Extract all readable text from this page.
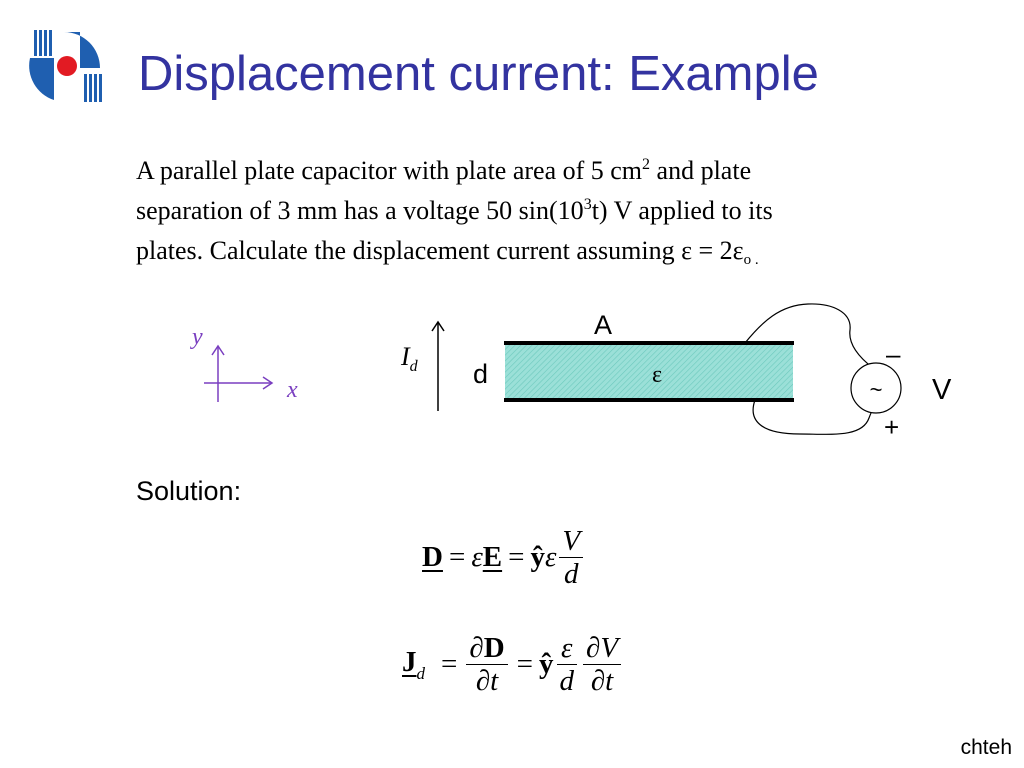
Displacement current: Example
A parallel plate capacitor with plate area of 5 $cm^2$ and plate
separation of 3 mm has a voltage 50 $\sin(10^3t)$ V applied to its
plates. Calculate the displacement current assuming $\varepsilon = 2\varepsilon_{o .}$
y
x
$I_d$ d
A
ε
~
–
+
V
Solution:
D = ε E = ŷ ε $\frac{V}{d}$
$J_d = \frac{\partial D}{\partial t}$ = ŷ $\frac{\varepsilon}{d} \frac{\partial V}{\partial t}$
chteh
